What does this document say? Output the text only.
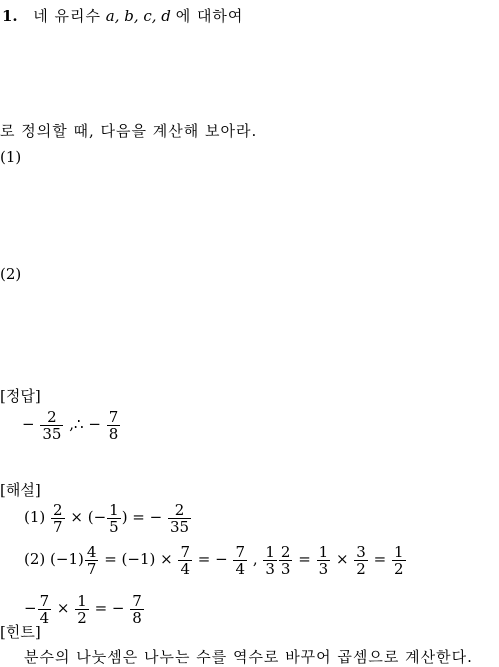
1. 네 유리수 a, b, c, d 에 대하여
로 정의할 때, 다음을 계산해 보아라.
(1)
(2)
[정답]
− $\frac{2}{35}$ ,∴ − $\frac{7}{8}$
[해설]
$(1) \frac{2}{7}$ × (− $\frac{1}{5}$ ) = − $\frac{2}{35}$
(2) $(-1) \frac{4}{7} = (-1) \times \frac{7}{4}$ = − $\frac{7}{4}$ , $\frac{1}{3} \frac{2}{3} = \frac{1}{3} \times \frac{3}{2} = \frac{1}{2}$
− $\frac{7}{4} \times \frac{1}{2}$ = − $\frac{7}{8}$
[힌트]
분수의 나눗셈은 나누는 수를 역수로 바꾸어 곱셈으로 계산한다.
